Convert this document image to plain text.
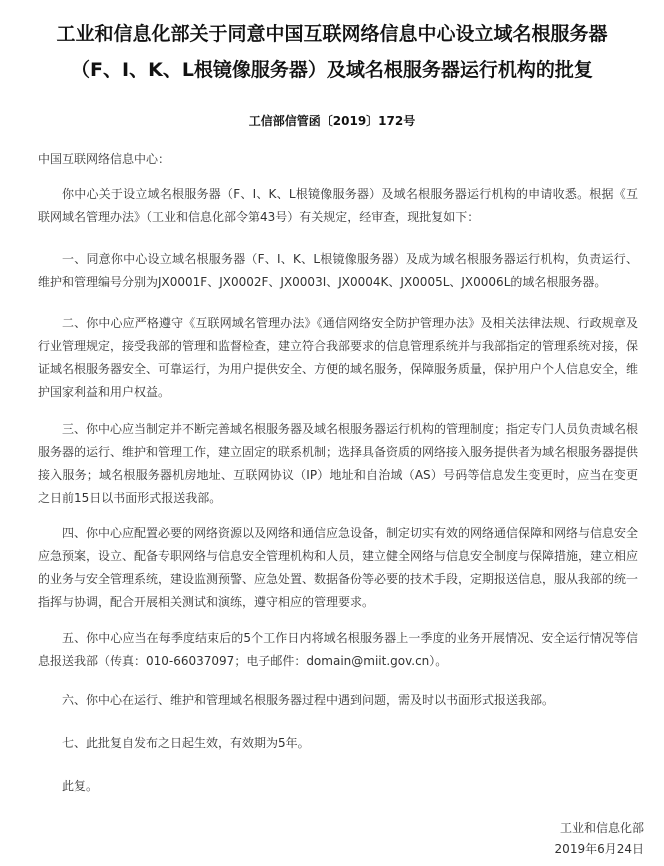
工业和信息化部关于同意中国互联网络信息中心设立域名根服务器
（F、I、K、L根镜像服务器）及域名根服务器运行机构的批复
工信部信管函〔2019〕172号
中国互联网络信息中心：

你中心关于设立域名根服务器（F、I、K、L根镜像服务器）及域名根服务器运行机构的申请收悉。根据《互联网域名管理办法》（工业和信息化部令第43号）有关规定，经审查，现批复如下：

一、同意你中心设立域名根服务器（F、I、K、L根镜像服务器）及成为域名根服务器运行机构，负责运行、维护和管理编号分别为JX0001F、JX0002F、JX0003I、JX0004K、JX0005L、JX0006L的域名根服务器。

二、你中心应严格遵守《互联网域名管理办法》《通信网络安全防护管理办法》及相关法律法规、行政规章及行业管理规定，接受我部的管理和监督检查，建立符合我部要求的信息管理系统并与我部指定的管理系统对接，保证域名根服务器安全、可靠运行，为用户提供安全、方便的域名服务，保障服务质量，保护用户个人信息安全，维护国家利益和用户权益。

三、你中心应当制定并不断完善域名根服务器及域名根服务器运行机构的管理制度；指定专门人员负责域名根服务器的运行、维护和管理工作，建立固定的联系机制；选择具备资质的网络接入服务提供者为域名根服务器提供接入服务；域名根服务器机房地址、互联网协议（IP）地址和自治域（AS）号码等信息发生变更时，应当在变更之日前15日以书面形式报送我部。

四、你中心应配置必要的网络资源以及网络和通信应急设备，制定切实有效的网络通信保障和网络与信息安全应急预案，设立、配备专职网络与信息安全管理机构和人员，建立健全网络与信息安全制度与保障措施，建立相应的业务与安全管理系统，建设监测预警、应急处置、数据备份等必要的技术手段，定期报送信息，服从我部的统一指挥与协调，配合开展相关测试和演练，遵守相应的管理要求。

五、你中心应当在每季度结束后的5个工作日内将域名根服务器上一季度的业务开展情况、安全运行情况等信息报送我部（传真：010-66037097；电子邮件：domain@miit.gov.cn）。

六、你中心在运行、维护和管理域名根服务器过程中遇到问题，需及时以书面形式报送我部。

七、此批复自发布之日起生效，有效期为5年。

此复。

工业和信息化部
2019年6月24日
